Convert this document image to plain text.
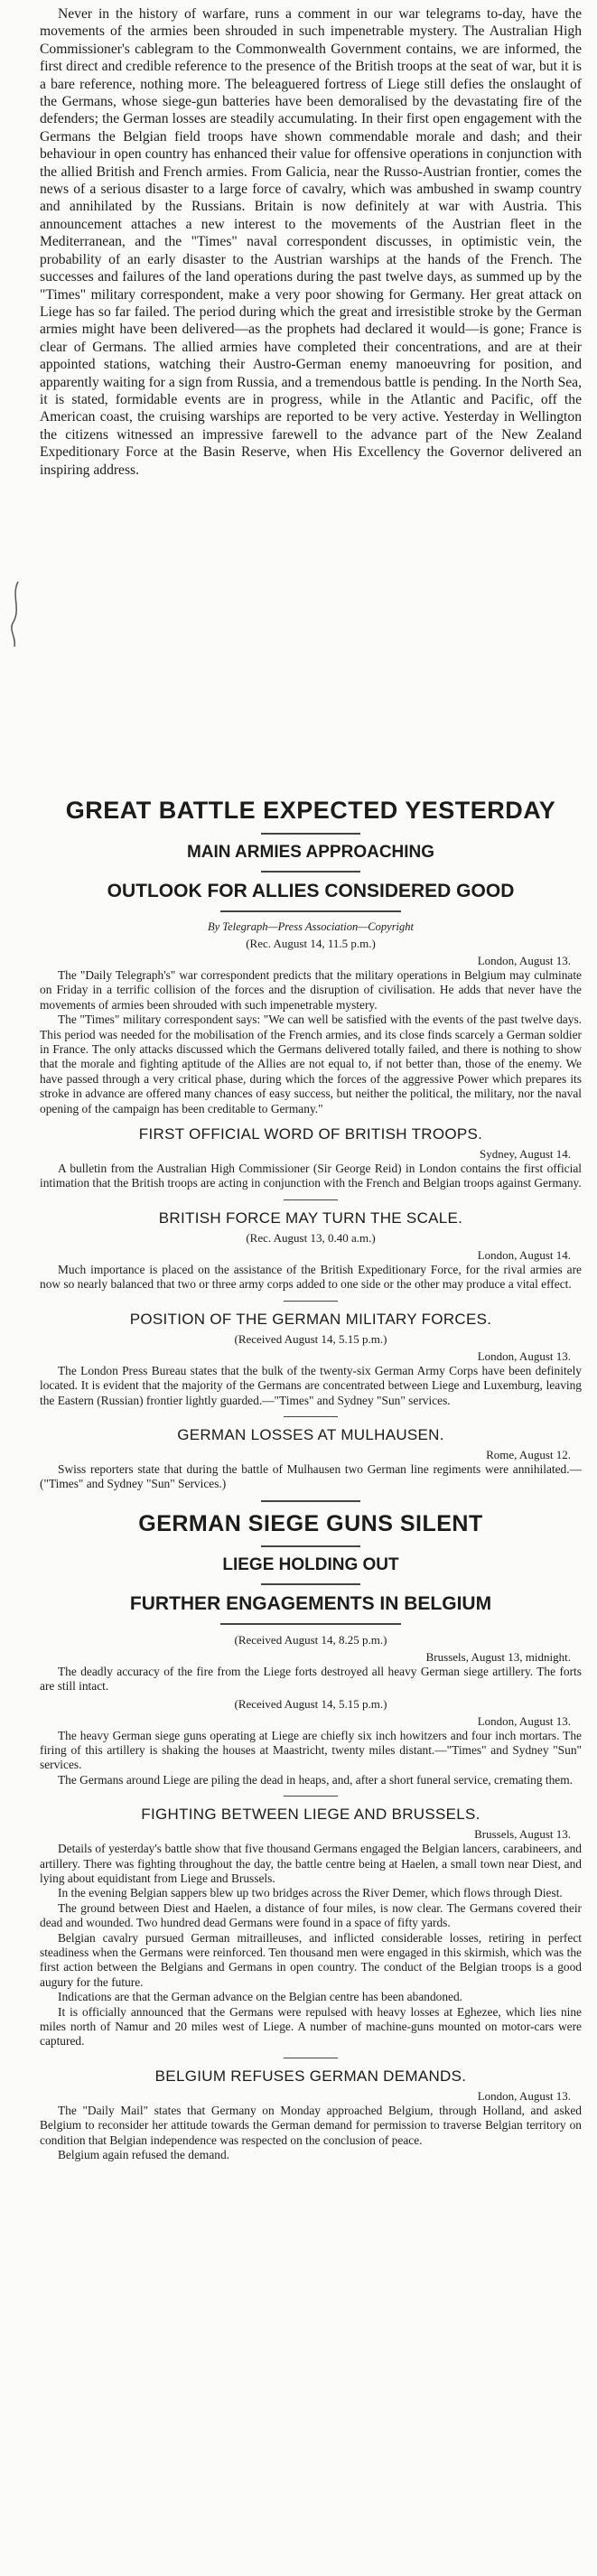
Never in the history of warfare, runs a comment in our war telegrams to-day, have the movements of the armies been shrouded in such impenetrable mystery. The Australian High Commissioner's cablegram to the Commonwealth Government contains, we are informed, the first direct and credible reference to the presence of the British troops at the seat of war, but it is a bare reference, nothing more. The beleaguered fortress of Liege still defies the onslaught of the Germans, whose siege-gun batteries have been demoralised by the devastating fire of the defenders; the German losses are steadily accumulating. In their first open engagement with the Germans the Belgian field troops have shown commendable morale and dash; and their behaviour in open country has enhanced their value for offensive operations in conjunction with the allied British and French armies. From Galicia, near the Russo-Austrian frontier, comes the news of a serious disaster to a large force of cavalry, which was ambushed in swamp country and annihilated by the Russians. Britain is now definitely at war with Austria. This announcement attaches a new interest to the movements of the Austrian fleet in the Mediterranean, and the "Times" naval correspondent discusses, in optimistic vein, the probability of an early disaster to the Austrian warships at the hands of the French. The successes and failures of the land operations during the past twelve days, as summed up by the "Times" military correspondent, make a very poor showing for Germany. Her great attack on Liege has so far failed. The period during which the great and irresistible stroke by the German armies might have been delivered—as the prophets had declared it would—is gone; France is clear of Germans. The allied armies have completed their concentrations, and are at their appointed stations, watching their Austro-German enemy manoeuvring for position, and apparently waiting for a sign from Russia, and a tremendous battle is pending. In the North Sea, it is stated, formidable events are in progress, while in the Atlantic and Pacific, off the American coast, the cruising warships are reported to be very active. Yesterday in Wellington the citizens witnessed an impressive farewell to the advance part of the New Zealand Expeditionary Force at the Basin Reserve, when His Excellency the Governor delivered an inspiring address.

GREAT BATTLE EXPECTED YESTERDAY
MAIN ARMIES APPROACHING
OUTLOOK FOR ALLIES CONSIDERED GOOD
By Telegraph—Press Association—Copyright
(Rec. August 14, 11.5 p.m.)
London, August 13.

The "Daily Telegraph's" war correspondent predicts that the military operations in Belgium may culminate on Friday in a terrific collision of the forces and the disruption of civilisation. He adds that never have the movements of armies been shrouded with such impenetrable mystery.

The "Times" military correspondent says: "We can well be satisfied with the events of the past twelve days. This period was needed for the mobilisation of the French armies, and its close finds scarcely a German soldier in France. The only attacks discussed which the Germans delivered totally failed, and there is nothing to show that the morale and fighting aptitude of the Allies are not equal to, if not better than, those of the enemy. We have passed through a very critical phase, during which the forces of the aggressive Power which prepares its stroke in advance are offered many chances of easy success, but neither the political, the military, nor the naval opening of the campaign has been creditable to Germany."

FIRST OFFICIAL WORD OF BRITISH TROOPS.
Sydney, August 14.

A bulletin from the Australian High Commissioner (Sir George Reid) in London contains the first official intimation that the British troops are acting in conjunction with the French and Belgian troops against Germany.

BRITISH FORCE MAY TURN THE SCALE.
(Rec. August 13, 0.40 a.m.)
London, August 14.

Much importance is placed on the assistance of the British Expeditionary Force, for the rival armies are now so nearly balanced that two or three army corps added to one side or the other may produce a vital effect.

POSITION OF THE GERMAN MILITARY FORCES.
(Received August 14, 5.15 p.m.)
London, August 13.

The London Press Bureau states that the bulk of the twenty-six German Army Corps have been definitely located. It is evident that the majority of the Germans are concentrated between Liege and Luxemburg, leaving the Eastern (Russian) frontier lightly guarded.—"Times" and Sydney "Sun" services.

GERMAN LOSSES AT MULHAUSEN.
Rome, August 12.

Swiss reporters state that during the battle of Mulhausen two German line regiments were annihilated.—("Times" and Sydney "Sun" Services.)

GERMAN SIEGE GUNS SILENT
LIEGE HOLDING OUT
FURTHER ENGAGEMENTS IN BELGIUM
(Received August 14, 8.25 p.m.)
Brussels, August 13, midnight.

The deadly accuracy of the fire from the Liege forts destroyed all heavy German siege artillery. The forts are still intact.

(Received August 14, 5.15 p.m.)
London, August 13.

The heavy German siege guns operating at Liege are chiefly six inch howitzers and four inch mortars. The firing of this artillery is shaking the houses at Maastricht, twenty miles distant.—"Times" and Sydney "Sun" services.

The Germans around Liege are piling the dead in heaps, and, after a short funeral service, cremating them.

FIGHTING BETWEEN LIEGE AND BRUSSELS.
Brussels, August 13.

Details of yesterday's battle show that five thousand Germans engaged the Belgian lancers, carabineers, and artillery. There was fighting throughout the day, the battle centre being at Haelen, a small town near Diest, and lying about equidistant from Liege and Brussels.

In the evening Belgian sappers blew up two bridges across the River Demer, which flows through Diest.

The ground between Diest and Haelen, a distance of four miles, is now clear. The Germans covered their dead and wounded. Two hundred dead Germans were found in a space of fifty yards.

Belgian cavalry pursued German mitrailleuses, and inflicted considerable losses, retiring in perfect steadiness when the Germans were reinforced. Ten thousand men were engaged in this skirmish, which was the first action between the Belgians and Germans in open country. The conduct of the Belgian troops is a good augury for the future.

Indications are that the German advance on the Belgian centre has been abandoned.

It is officially announced that the Germans were repulsed with heavy losses at Eghezee, which lies nine miles north of Namur and 20 miles west of Liege. A number of machine-guns mounted on motor-cars were captured.

BELGIUM REFUSES GERMAN DEMANDS.
London, August 13.

The "Daily Mail" states that Germany on Monday approached Belgium, through Holland, and asked Belgium to reconsider her attitude towards the German demand for permission to traverse Belgian territory on condition that Belgian independence was respected on the conclusion of peace.

Belgium again refused the demand.
